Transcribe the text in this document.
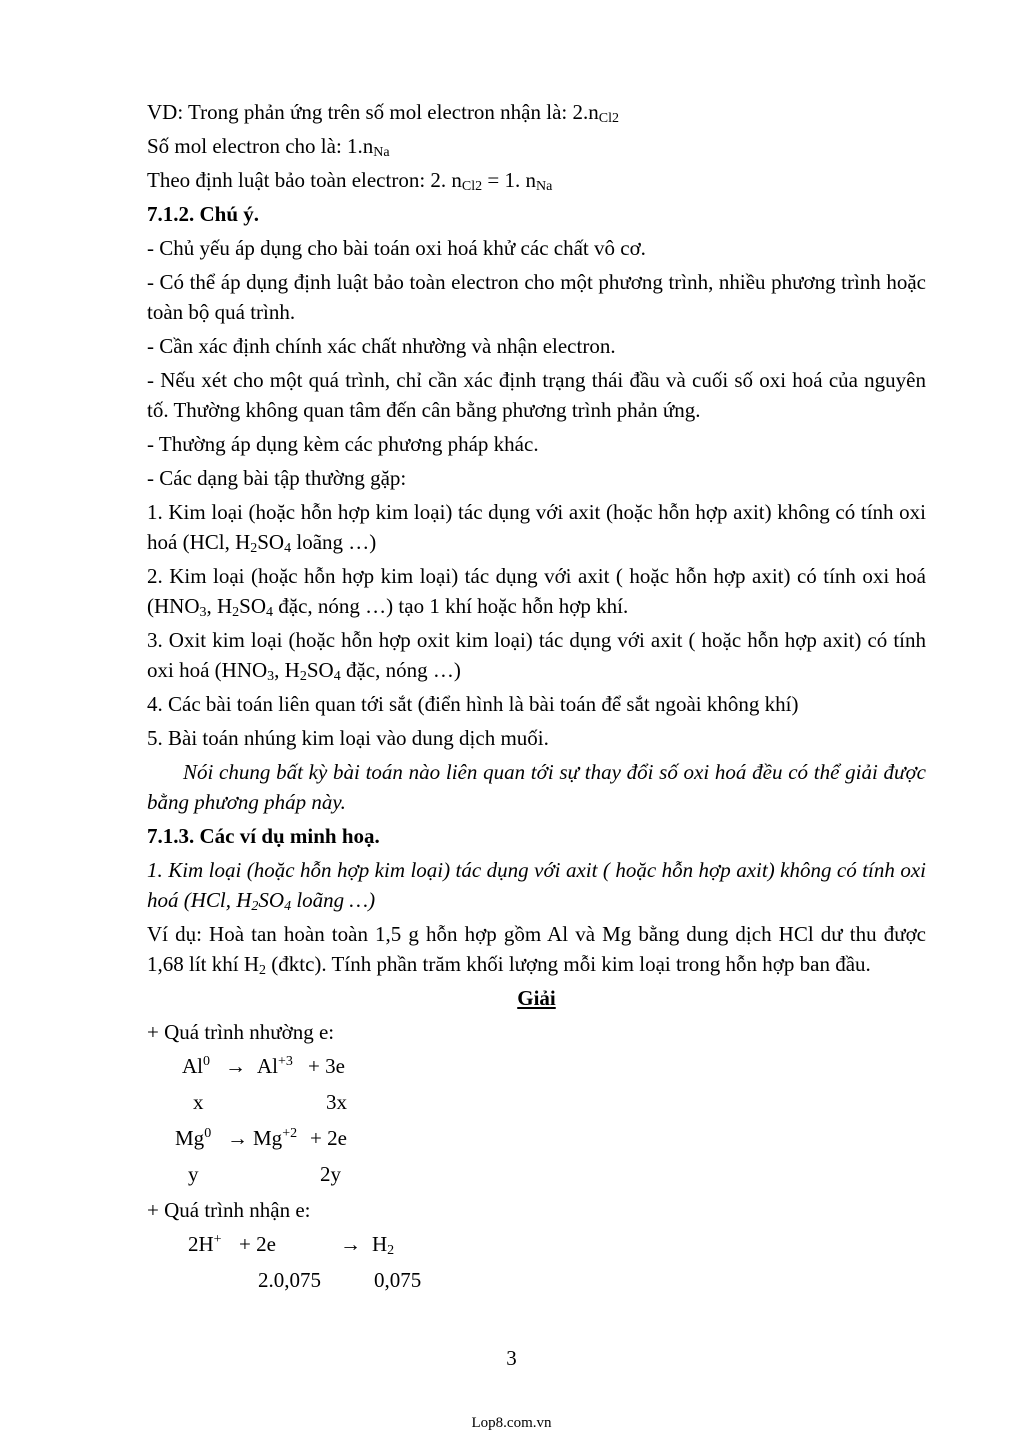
VD: Trong phản ứng trên số mol electron nhận là: $2.n_{Cl2}$

Số mol electron cho là: $1.n_{Na}$

Theo định luật bảo toàn electron: 2. $n_{Cl2} = 1$. $n_{Na}$

7.1.2. Chú ý.

- Chủ yếu áp dụng cho bài toán oxi hoá khử các chất vô cơ.

- Có thể áp dụng định luật bảo toàn electron cho một phương trình, nhiều phương trình hoặc toàn bộ quá trình.

- Cần xác định chính xác chất nhường và nhận electron.

- Nếu xét cho một quá trình, chỉ cần xác định trạng thái đầu và cuối số oxi hoá của nguyên tố. Thường không quan tâm đến cân bằng phương trình phản ứng.

- Thường áp dụng kèm các phương pháp khác.

- Các dạng bài tập thường gặp:

1. Kim loại (hoặc hỗn hợp kim loại) tác dụng với axit (hoặc hỗn hợp axit) không có tính oxi hoá (HCl, $H_2SO_4$ loãng …)

2. Kim loại (hoặc hỗn hợp kim loại) tác dụng với axit ( hoặc hỗn hợp axit) có tính oxi hoá ($HNO_3$, $H_2SO_4$ đặc, nóng …) tạo 1 khí hoặc hỗn hợp khí.

3. Oxit kim loại (hoặc hỗn hợp oxit kim loại) tác dụng với axit ( hoặc hỗn hợp axit) có tính oxi hoá ($HNO_3$, $H_2SO_4$ đặc, nóng …)

4. Các bài toán liên quan tới sắt (điển hình là bài toán để sắt ngoài không khí)

5. Bài toán nhúng kim loại vào dung dịch muối.

Nói chung bất kỳ bài toán nào liên quan tới sự thay đổi số oxi hoá đều có thể giải được bằng phương pháp này.

7.1.3. Các ví dụ minh hoạ.

1. Kim loại (hoặc hỗn hợp kim loại) tác dụng với axit ( hoặc hỗn hợp axit) không có tính oxi hoá (HCl, $H_2SO_4$ loãng …)

Ví dụ: Hoà tan hoàn toàn 1,5 g hỗn hợp gồm Al và Mg bằng dung dịch HCl dư thu được 1,68 lít khí $H_2$ (đktc). Tính phần trăm khối lượng mỗi kim loại trong hỗn hợp ban đầu.

Giải

+ Quá trình nhường e:

$Al^0 \to Al^{+3} + 3e$
x	3x
$Mg^0 \to Mg^{+2} + 2e$
y	2y

+ Quá trình nhận e:

2H+ + 2e	→ $H_2$
2.0,075	0,075
3
Lop8.com.vn
